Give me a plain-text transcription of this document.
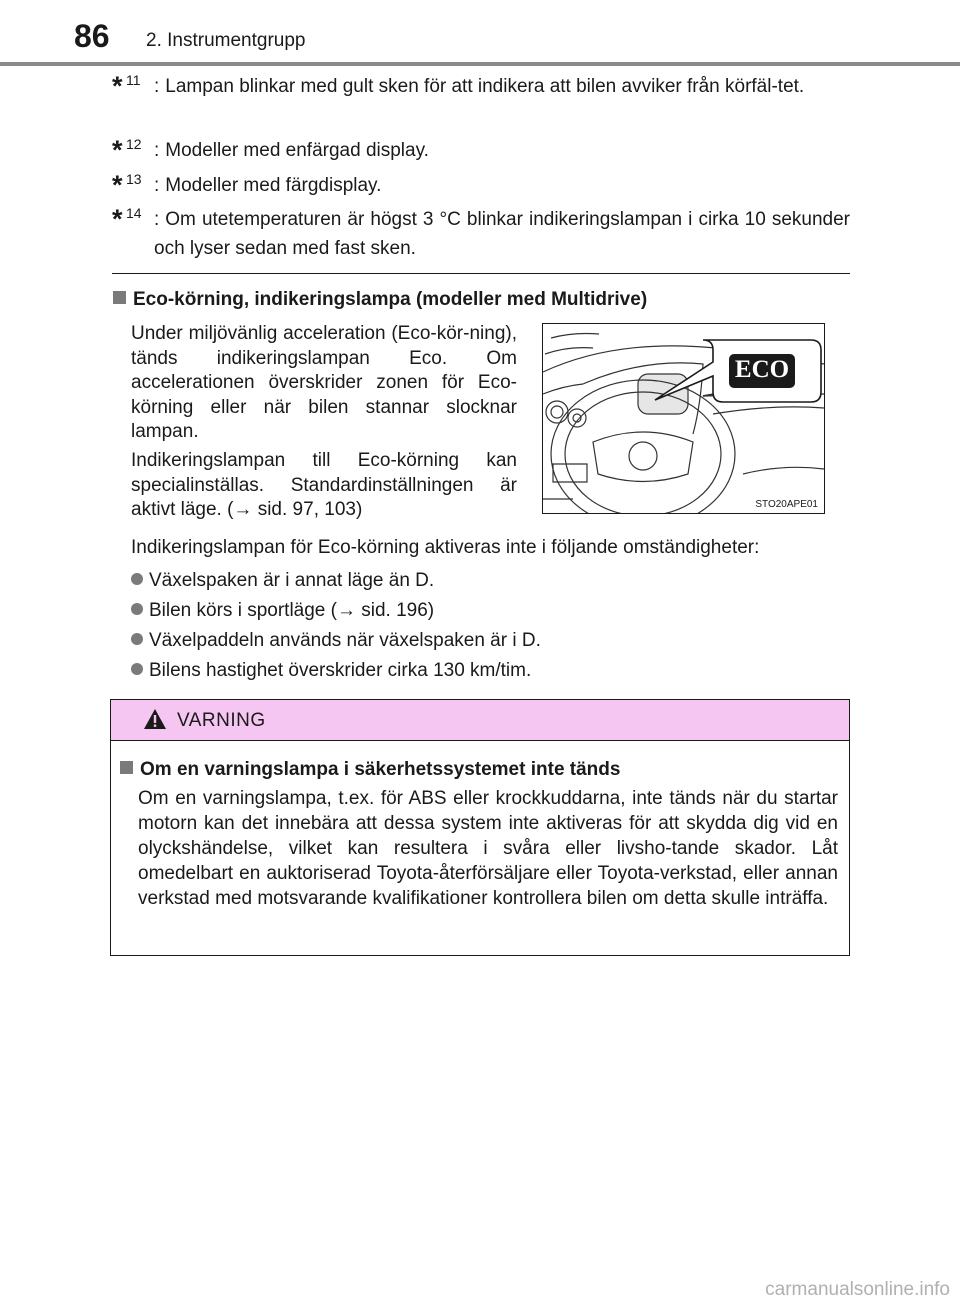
86 2. Instrumentgrupp
* 11 : Lampan blinkar med gult sken för att indikera att bilen avviker från körfäl-tet.
* 12 : Modeller med enfärgad display.
* 13 : Modeller med färgdisplay.
* 14 : Om utetemperaturen är högst 3 °C blinkar indikeringslampan i cirka 10 sekunder och lyser sedan med fast sken.
Eco-körning, indikeringslampa (modeller med Multidrive)
Under miljövänlig acceleration (Eco-kör-ning), tänds indikeringslampan Eco. Om accelerationen överskrider zonen för Eco-körning eller när bilen stannar slocknar lampan.
Indikeringslampan till Eco-körning kan specialinställas. Standardinställningen är aktivt läge. (→ sid. 97, 103)
ECO
STO20APE01
Indikeringslampan för Eco-körning aktiveras inte i följande omständigheter:
Växelspaken är i annat läge än D.
Bilen körs i sportläge (→ sid. 196)
Växelpaddeln används när växelspaken är i D.
Bilens hastighet överskrider cirka 130 km/tim.
VARNING
Om en varningslampa i säkerhetssystemet inte tänds
Om en varningslampa, t.ex. för ABS eller krockkuddarna, inte tänds när du startar motorn kan det innebära att dessa system inte aktiveras för att skydda dig vid en olyckshändelse, vilket kan resultera i svåra eller livsho-tande skador. Låt omedelbart en auktoriserad Toyota-återförsäljare eller Toyota-verkstad, eller annan verkstad med motsvarande kvalifikationer kontrollera bilen om detta skulle inträffa.
carmanualsonline.info
